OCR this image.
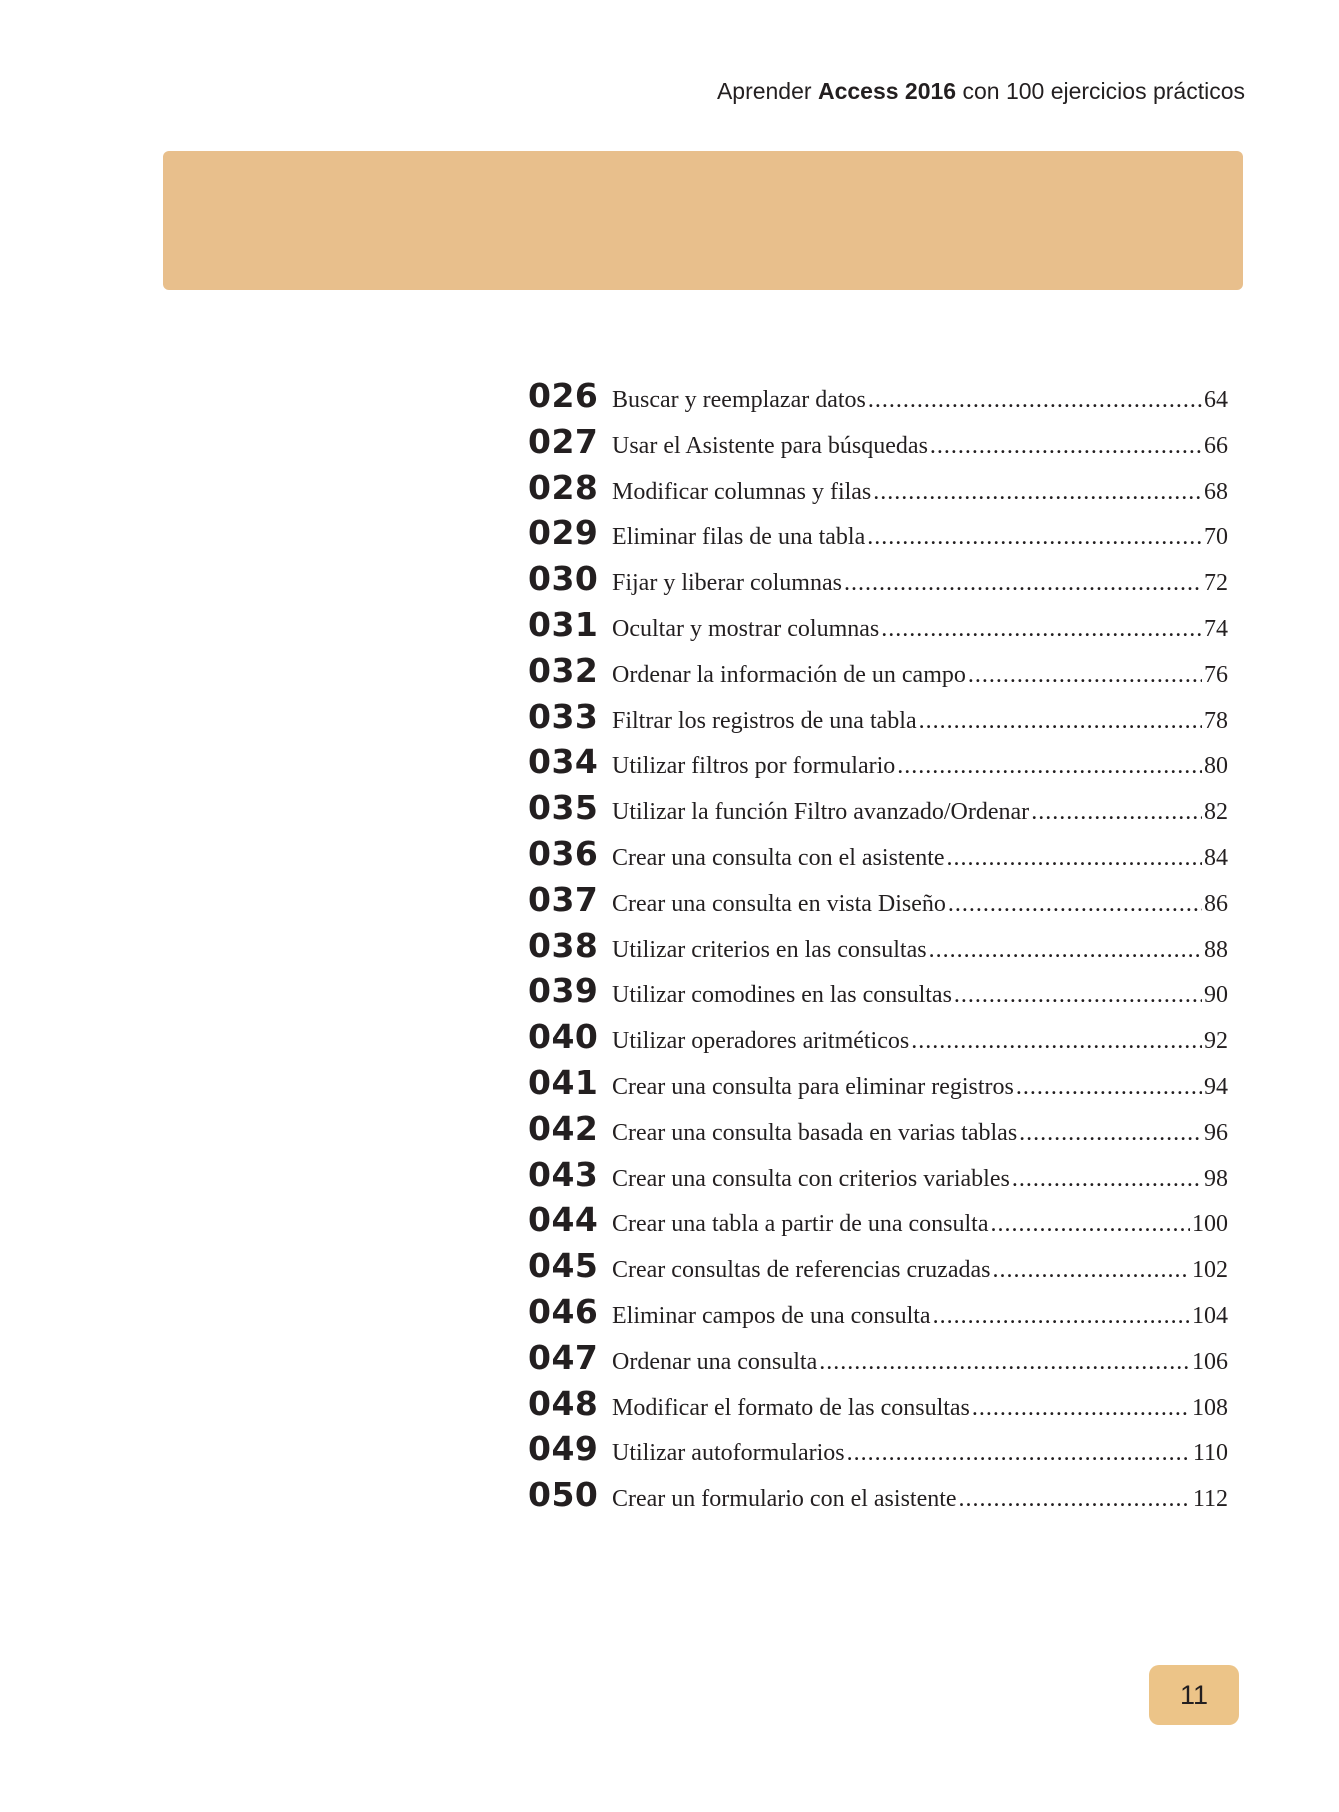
Aprender Access 2016 con 100 ejercicios prácticos
026 Buscar y reemplazar datos .....	64
027 Usar el Asistente para búsquedas .....	66
028 Modificar columnas y filas .....	68
029 Eliminar filas de una tabla .....	70
030 Fijar y liberar columnas .....	72
031 Ocultar y mostrar columnas .....	74
032 Ordenar la información de un campo .....	76
033 Filtrar los registros de una tabla .....	78
034 Utilizar filtros por formulario .....	80
035 Utilizar la función Filtro avanzado/Ordenar .....	82
036 Crear una consulta con el asistente .....	84
037 Crear una consulta en vista Diseño .....	86
038 Utilizar criterios en las consultas .....	88
039 Utilizar comodines en las consultas .....	90
040 Utilizar operadores aritméticos .....	92
041 Crear una consulta para eliminar registros .....	94
042 Crear una consulta basada en varias tablas .....	96
043 Crear una consulta con criterios variables .....	98
044 Crear una tabla a partir de una consulta .....	100
045 Crear consultas de referencias cruzadas .....	102
046 Eliminar campos de una consulta .....	104
047 Ordenar una consulta .....	106
048 Modificar el formato de las consultas .....	108
049 Utilizar autoformularios .....	110
050 Crear un formulario con el asistente .....	112
11
